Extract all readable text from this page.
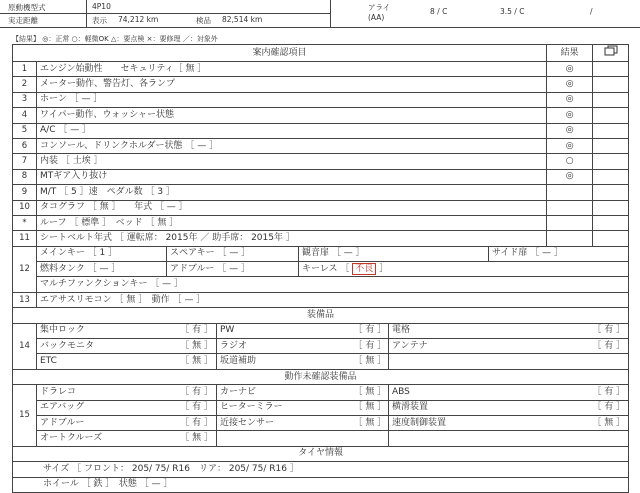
原動機型式	4P10
実走距離	表示 74,212 km	検品 82,514 km
アライ
(AA)
8 / C	3.5 / C	/
【結果】 ◎：正常 ○：軽微OK △：要点検 ×：要修理 ／：対象外
案内確認項目								結果	
1	エンジン始動性　　セキュリティ［ 無 ］							◎	
2	メーター動作、警告灯、各ランプ							◎	
3	ホーン ［ — ］							◎	
4	ワイパー動作、ウォッシャー状態							◎	
5	A/C ［ — ］							◎	
6	コンソール、ドリンクホルダー状態 ［ — ］							◎	
7	内装 ［ 土埃 ］							○	
8	MTギア入り抜け							◎	
9	M/T ［ 5 ］速　ペダル数 ［ 3 ］								
10	タコグラフ ［ 無 ］　　年式 ［ — ］								
*	ルーフ ［ 標準 ］　ベッド ［ 無 ］								
11	シートベルト年式 ［ 運転席： 2015年 ／ 助手席： 2015年 ］								
12	メインキー ［ 1 ］	スペアキー ［ — ］		観音扉 ［ — ］			サイド扉 ［ — ］		
	燃料タンク ［ — ］	アドブルー ［ — ］		キーレス ［ 不良 ］					
	マルチファンクションキー ［ — ］								
13	エアサスリモコン ［ 無 ］　動作 ［ — ］								
装備品									
14	集中ロック	［ 有 ］	PW		［ 有 ］	電格		［ 有 ］	
	バックモニタ	［ 無 ］	ラジオ		［ 有 ］	アンテナ		［ 有 ］	
	ETC	［ 無 ］	坂道補助		［ 無 ］				
動作未確認装備品									
15	ドラレコ	［ 有 ］	カーナビ		［ 無 ］	ABS		［ 有 ］	
	エアバッグ	［ 有 ］	ヒーターミラー		［ 無 ］	横滑装置		［ 有 ］	
	アドブルー	［ 有 ］	近接センサー		［ 無 ］	速度制御装置		［ 無 ］	
	オートクルーズ	［ 無 ］							
タイヤ情報									
サイズ ［ フロント： 205/ 75/ R16　リア： 205/ 75/ R16 ］									
ホイール ［ 鉄 ］　状態 ［ — ］									
